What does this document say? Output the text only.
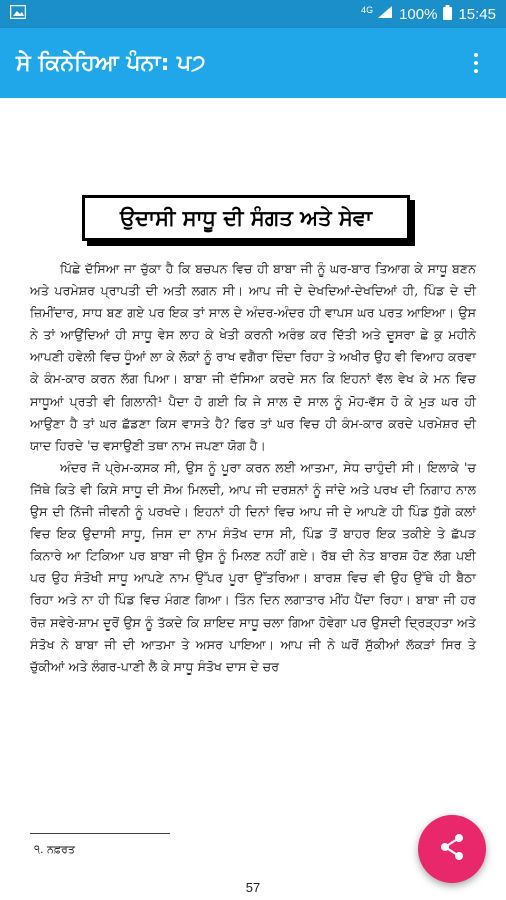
4G 100% 15:45
ਸੇ ਕਿਨੇਹਿਆ ਪੰਨਾ: ਪ੭
ਉਦਾਸੀ ਸਾਧੂ ਦੀ ਸੰਗਤ ਅਤੇ ਸੇਵਾ

ਪਿੱਛੇ ਦੱਸਿਆ ਜਾ ਚੁੱਕਾ ਹੈ ਕਿ ਬਚਪਨ ਵਿਚ ਹੀ ਬਾਬਾ ਜੀ ਨੂੰ ਘਰ-ਬਾਰ ਤਿਆਗ ਕੇ ਸਾਧੂ ਬਣਨ ਅਤੇ ਪਰਮੇਸ਼ਰ ਪ੍ਰਾਪਤੀ ਦੀ ਅਤੀ ਲਗਨ ਸੀ। ਆਪ ਜੀ ਦੇ ਦੇਖਦਿਆਂ-ਦੇਖਦਿਆਂ ਹੀ, ਪਿੰਡ ਦੇ ਦੀ ਜ਼ਿਮੀਂਦਾਰ, ਸਾਧ ਬਣ ਗਏ ਪਰ ਇਕ ਤਾਂ ਸਾਲ ਦੇ ਅੰਦਰ-ਅੰਦਰ ਹੀ ਵਾਪਸ ਘਰ ਪਰਤ ਆਇਆ। ਉਸ ਨੇ ਤਾਂ ਆਉਂਦਿਆਂ ਹੀ ਸਾਧੂ ਵੇਸ ਲਾਹ ਕੇ ਖੇਤੀ ਕਰਨੀ ਅਰੰਭ ਕਰ ਦਿੱਤੀ ਅਤੇ ਦੂਸਰਾ ਛੇ ਕੁ ਮਹੀਨੇ ਆਪਣੀ ਹਵੇਲੀ ਵਿਚ ਧੂੰਆਂ ਲਾ ਕੇ ਲੋਕਾਂ ਨੂੰ ਰਾਖ ਵਗੈਰਾ ਦਿੰਦਾ ਰਿਹਾ ਤੇ ਅਖੀਰ ਉਹ ਵੀ ਵਿਆਹ ਕਰਵਾ ਕੇ ਕੰਮ-ਕਾਰ ਕਰਨ ਲੱਗ ਪਿਆ। ਬਾਬਾ ਜੀ ਦੱਸਿਆ ਕਰਦੇ ਸਨ ਕਿ ਇਹਨਾਂ ਵੱਲ ਵੇਖ ਕੇ ਮਨ ਵਿਚ ਸਾਧੂਆਂ ਪ੍ਰਤੀ ਵੀ ਗਿਲਾਨੀ¹ ਪੈਦਾ ਹੋ ਗਈ ਕਿ ਜੇ ਸਾਲ ਦੋ ਸਾਲ ਨੂੰ ਮੋਹ-ਵੱਸ ਹੋ ਕੇ ਮੁੜ ਘਰ ਹੀ ਆਉਣਾ ਹੈ ਤਾਂ ਘਰ ਛੱਡਣਾ ਕਿਸ ਵਾਸਤੇ ਹੈ? ਫਿਰ ਤਾਂ ਘਰ ਵਿਚ ਹੀ ਕੰਮ-ਕਾਰ ਕਰਦੇ ਪਰਮੇਸ਼ਰ ਦੀ ਯਾਦ ਹਿਰਦੇ 'ਚ ਵਸਾਉਣੀ ਤਥਾ ਨਾਮ ਜਪਣਾ ਯੋਗ ਹੈ।

ਅੰਦਰ ਜੋ ਪ੍ਰੇਮ-ਕਸਕ ਸੀ, ਉਸ ਨੂੰ ਪੂਰਾ ਕਰਨ ਲਈ ਆਤਮਾ, ਸੇਧ ਚਾਹੁੰਦੀ ਸੀ। ਇਲਾਕੇ 'ਚ ਜਿੱਥੇ ਕਿਤੇ ਵੀ ਕਿਸੇ ਸਾਧੂ ਦੀ ਸੋਅ ਮਿਲਦੀ, ਆਪ ਜੀ ਦਰਸ਼ਨਾਂ ਨੂੰ ਜਾਂਦੇ ਅਤੇ ਪਰਖ ਦੀ ਨਿਗਾਹ ਨਾਲ ਉਸ ਦੀ ਨਿੱਜੀ ਜੀਵਨੀ ਨੂੰ ਪਰਖਦੇ। ਇਹਨਾਂ ਹੀ ਦਿਨਾਂ ਵਿਚ ਆਪ ਜੀ ਦੇ ਆਪਣੇ ਹੀ ਪਿੰਡ ਧੁੱਗੇ ਕਲਾਂ ਵਿਚ ਇਕ ਉਦਾਸੀ ਸਾਧੂ, ਜਿਸ ਦਾ ਨਾਮ ਸੰਤੋਖ ਦਾਸ ਸੀ, ਪਿੰਡ ਤੋਂ ਬਾਹਰ ਇਕ ਤਕੀਏ ਤੇ ਛੱਪੜ ਕਿਨਾਰੇ ਆ ਟਿਕਿਆ ਪਰ ਬਾਬਾ ਜੀ ਉਸ ਨੂੰ ਮਿਲਣ ਨਹੀਂ ਗਏ। ਰੱਬ ਦੀ ਨੇਤ ਬਾਰਸ਼ ਹੋਣ ਲੱਗ ਪਈ ਪਰ ਉਹ ਸੰਤੋਖੀ ਸਾਧੂ ਆਪਣੇ ਨਾਮ ਉੱਪਰ ਪੂਰਾ ਉੱਤਰਿਆ। ਬਾਰਸ਼ ਵਿਚ ਵੀ ਉਹ ਉੱਥੇ ਹੀ ਬੈਠਾ ਰਿਹਾ ਅਤੇ ਨਾ ਹੀ ਪਿੰਡ ਵਿਚ ਮੰਗਣ ਗਿਆ। ਤਿੰਨ ਦਿਨ ਲਗਾਤਾਰ ਮੀਂਹ ਪੈਂਦਾ ਰਿਹਾ। ਬਾਬਾ ਜੀ ਹਰ ਰੋਜ਼ ਸਵੇਰੇ-ਸ਼ਾਮ ਦੂਰੋਂ ਉਸ ਨੂੰ ਤੱਕਦੇ ਕਿ ਸ਼ਾਇਦ ਸਾਧੂ ਚਲਾ ਗਿਆ ਹੋਵੇਗਾ ਪਰ ਉਸਦੀ ਦ੍ਰਿੜ੍ਹਤਾ ਅਤੇ ਸੰਤੋਖ ਨੇ ਬਾਬਾ ਜੀ ਦੀ ਆਤਮਾ ਤੇ ਅਸਰ ਪਾਇਆ। ਆਪ ਜੀ ਨੇ ਘਰੋਂ ਸੁੱਕੀਆਂ ਲੱਕੜਾਂ ਸਿਰ ਤੇ ਚੁੱਕੀਆਂ ਅਤੇ ਲੰਗਰ-ਪਾਣੀ ਲੈ ਕੇ ਸਾਧੂ ਸੰਤੋਖ ਦਾਸ ਦੇ ਚਰ

੧. ਨਫ਼ਰਤ
57
